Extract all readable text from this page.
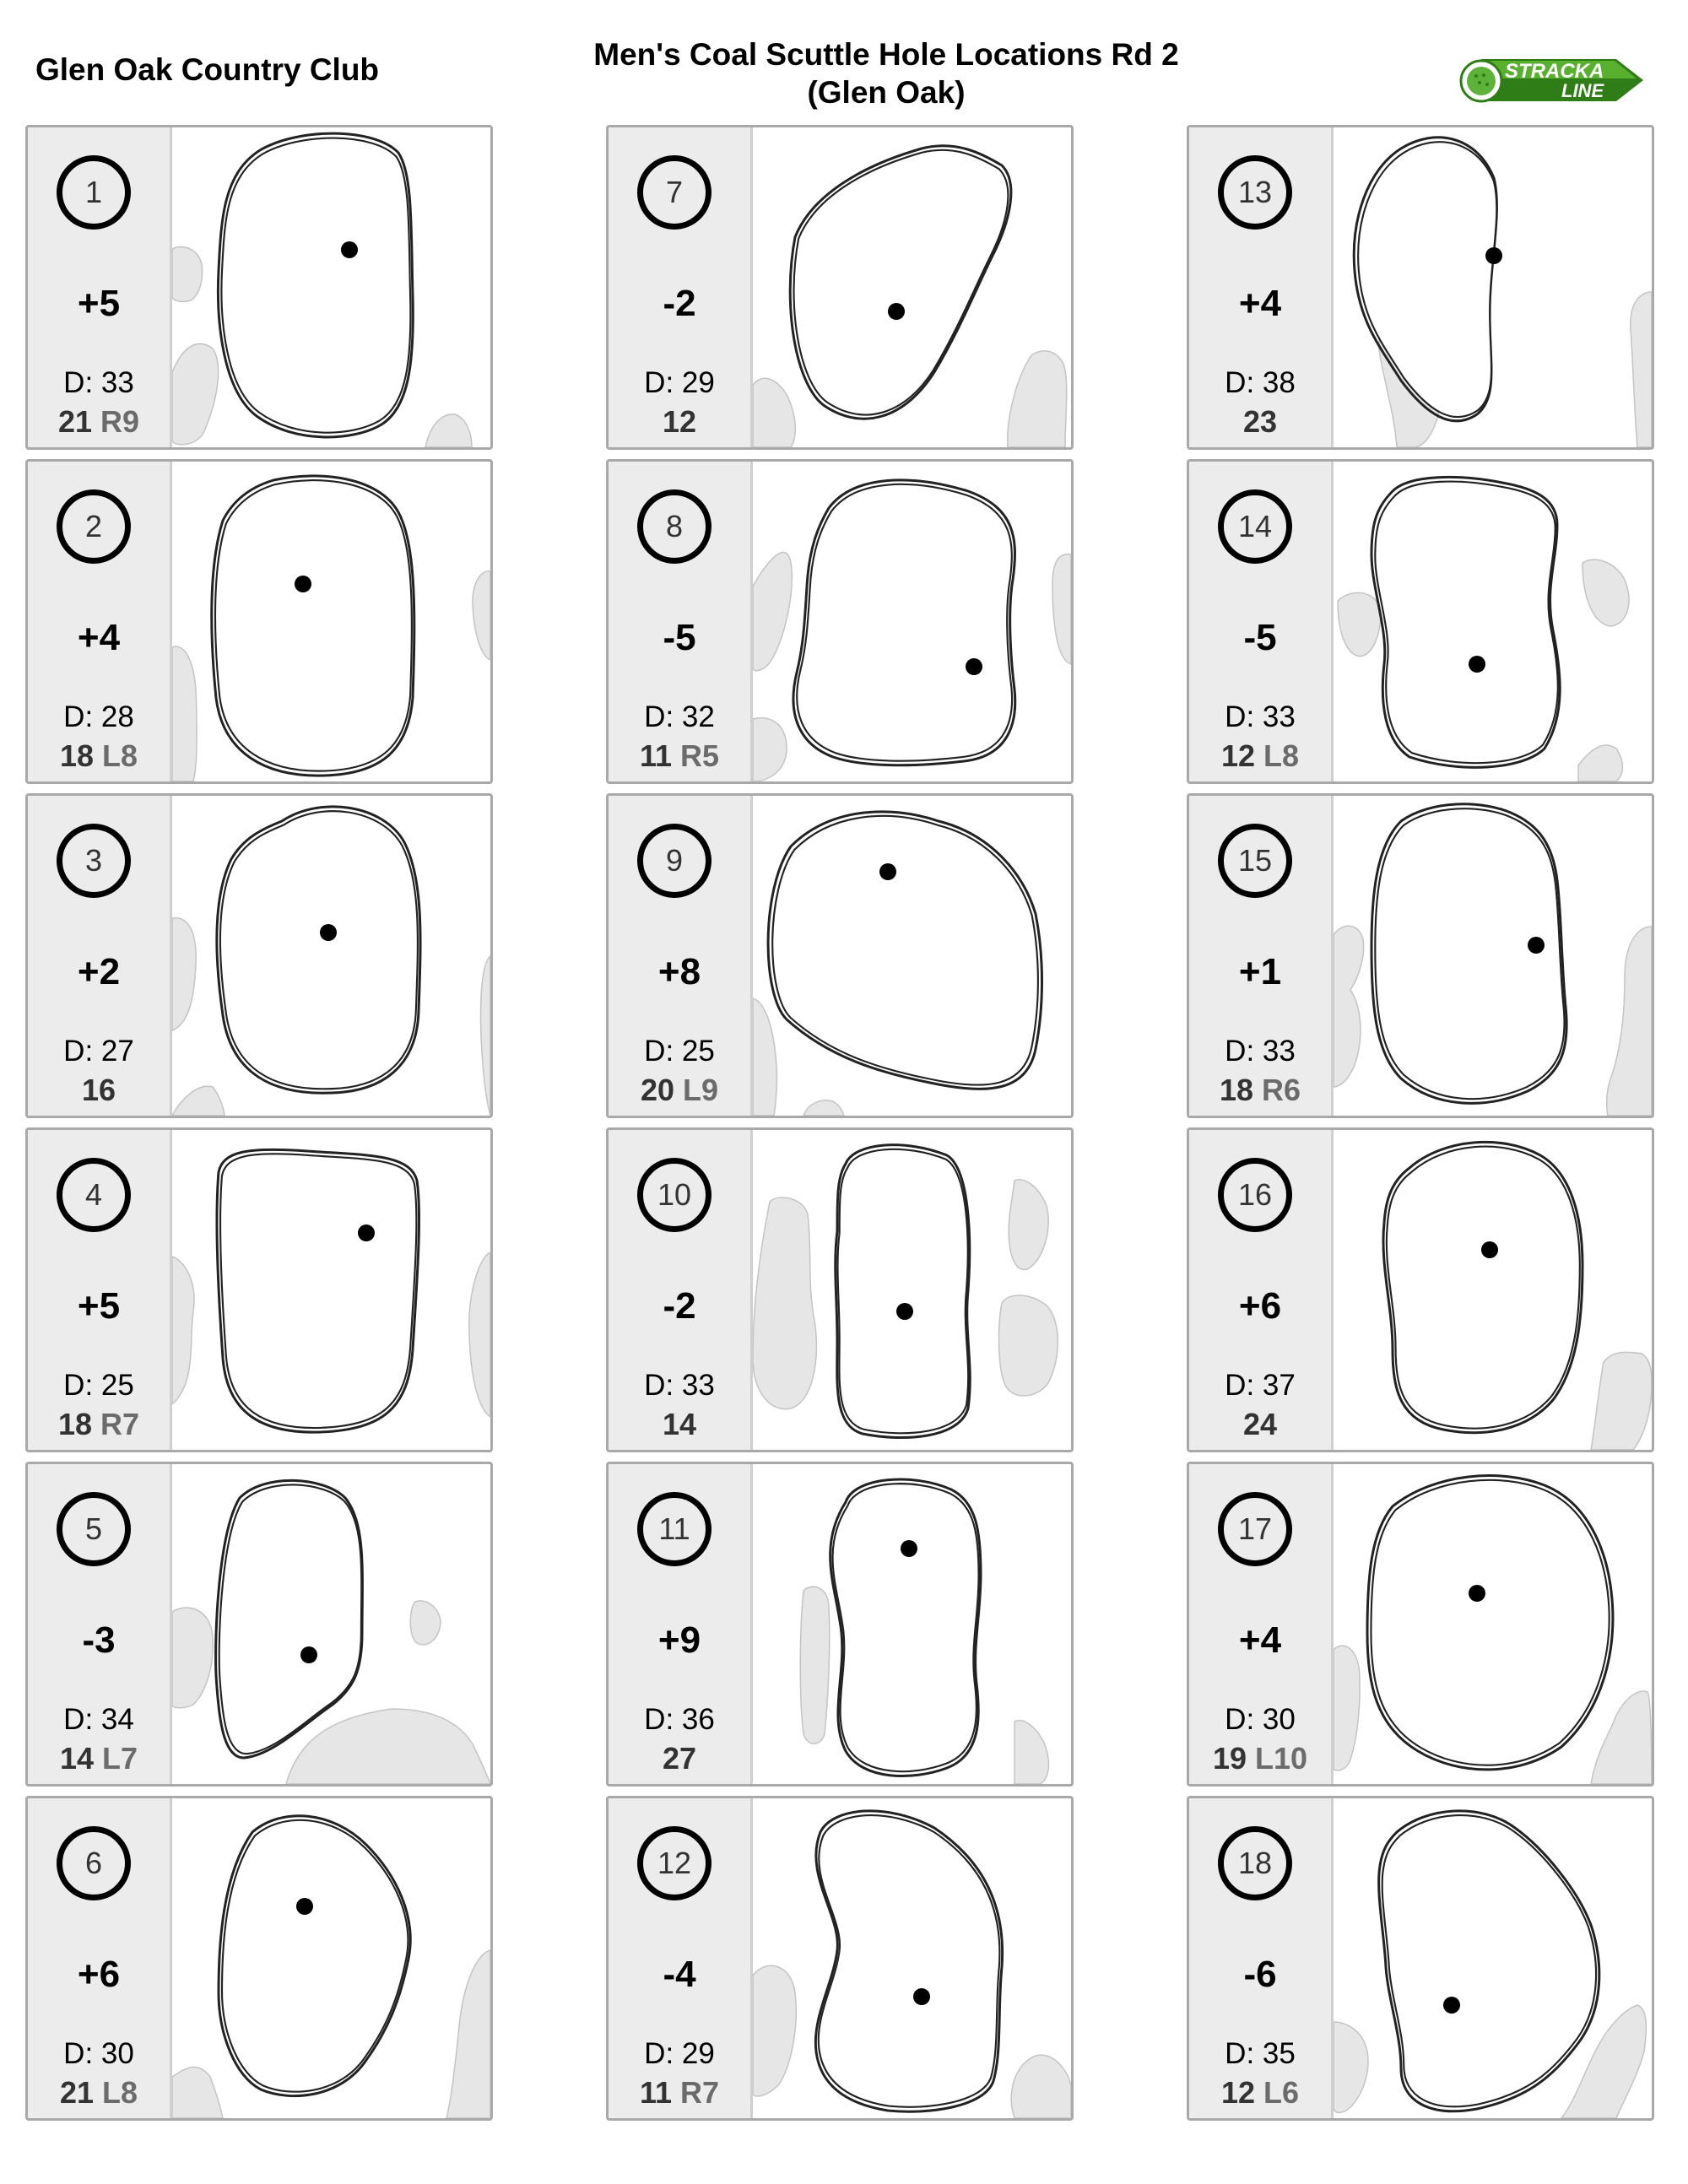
Glen Oak Country Club	Men's Coal Scuttle Hole Locations Rd 2
(Glen Oak)
STRACKA
LINE
1
+5
D: 33
21 R9
2
+4
D: 28
18 L8
3
+2
D: 27
16
4
+5
D: 25
18 R7
5
-3
D: 34
14 L7
6
+6
D: 30
21 L8
7
-2
D: 29
12
8
-5
D: 32
11 R5
9
+8
D: 25
20 L9
10
-2
D: 33
14
11
+9
D: 36
27
12
-4
D: 29
11 R7
13
+4
D: 38
23
14
-5
D: 33
12 L8
15
+1
D: 33
18 R6
16
+6
D: 37
24
17
+4
D: 30
19 L10
18
-6
D: 35
12 L6
